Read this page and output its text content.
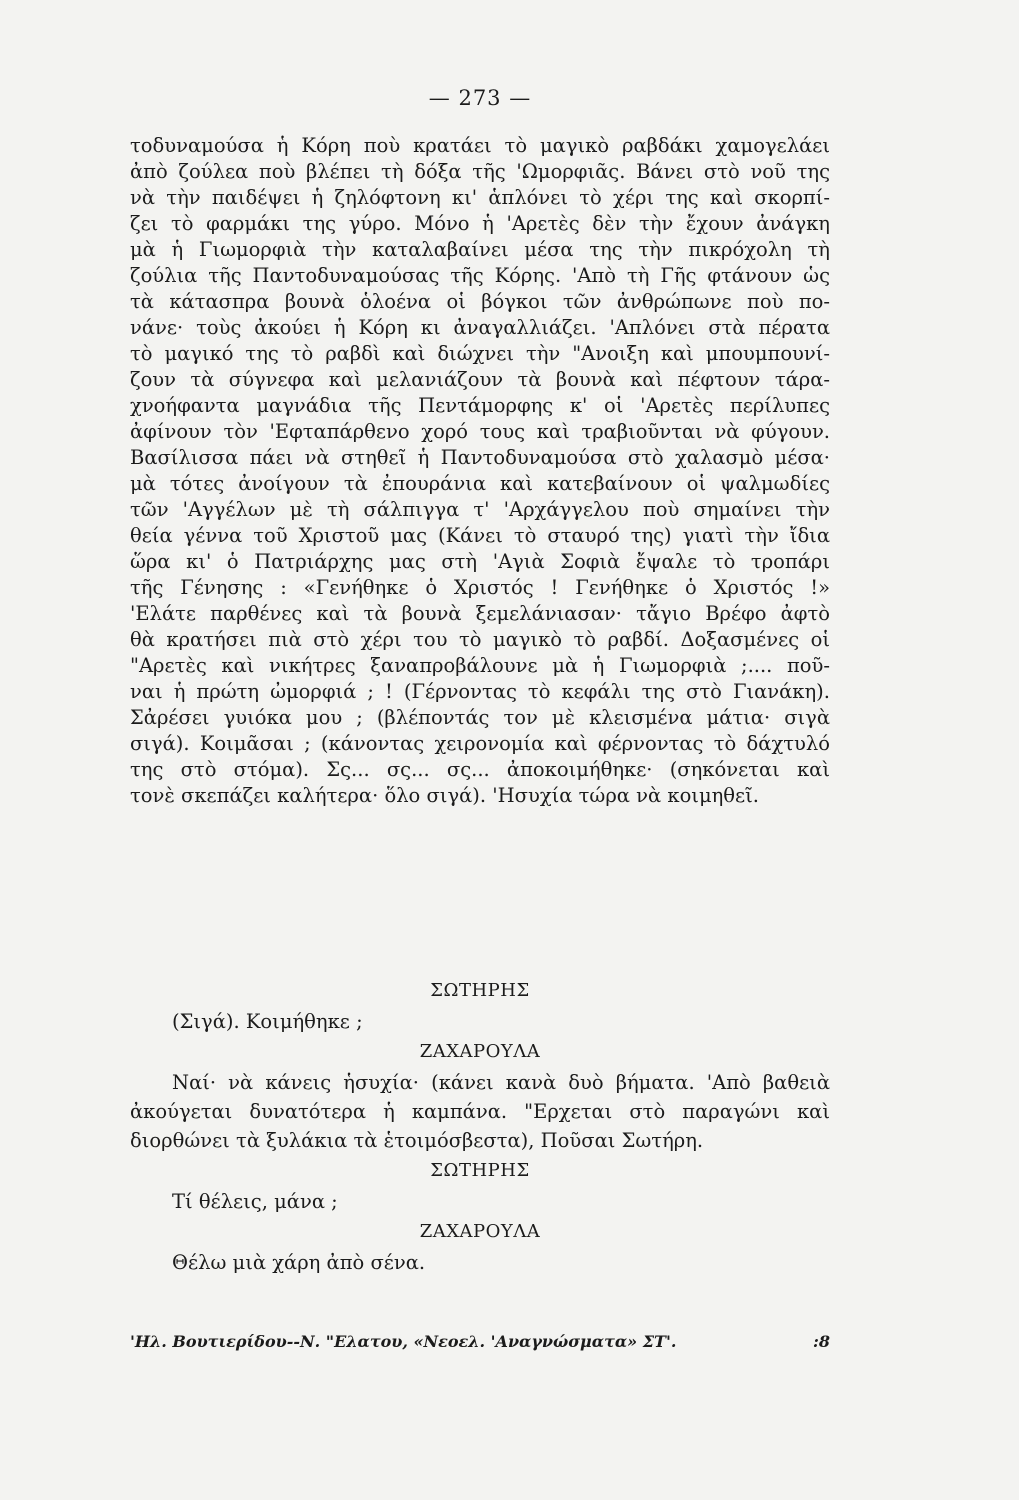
— 273 —
τοδυναμούσα ἡ Κόρη ποὺ κρατάει τὸ μαγικὸ ραβδάκι χαμογελάει
ἀπὸ ζούλεα ποὺ βλέπει τὴ δόξα τῆς 'Ωμορφιᾶς. Βάνει στὸ νοῦ της
νὰ τὴν παιδέψει ἡ ζηλόφτονη κι' ἁπλόνει τὸ χέρι της καὶ σκορπί-
ζει τὸ φαρμάκι της γύρο. Μόνο ἡ 'Αρετὲς δὲν τὴν ἔχουν ἀνάγκη
μὰ ἡ Γιωμορφιὰ τὴν καταλαβαίνει μέσα της τὴν πικρόχολη τὴ
ζούλια τῆς Παντοδυναμούσας τῆς Κόρης. 'Απὸ τὴ Γῆς φτάνουν ὡς
τὰ κάτασπρα βουνὰ ὁλοένα οἱ βόγκοι τῶν ἀνθρώπωνε ποὺ πο-
νάνε· τοὺς ἀκούει ἡ Κόρη κι ἀναγαλλιάζει. 'Απλόνει στὰ πέρατα
τὸ μαγικό της τὸ ραβδὶ καὶ διώχνει τὴν "Ανοιξη καὶ μπουμπουνί-
ζουν τὰ σύγνεφα καὶ μελανιάζουν τὰ βουνὰ καὶ πέφτουν τάρα-
χνοήφαντα μαγνάδια τῆς Πεντάμορφης κ' οἱ 'Αρετὲς περίλυπες
ἀφίνουν τὸν 'Εφταπάρθενο χορό τους καὶ τραβιοῦνται νὰ φύγουν.
Βασίλισσα πάει νὰ στηθεῖ ἡ Παντοδυναμούσα στὸ χαλασμὸ μέσα·
μὰ τότες ἀνοίγουν τὰ ἐπουράνια καὶ κατεβαίνουν οἱ ψαλμωδίες
τῶν 'Αγγέλων μὲ τὴ σάλπιγγα τ' 'Αρχάγγελου ποὺ σημαίνει τὴν
θεία γέννα τοῦ Χριστοῦ μας (Κάνει τὸ σταυρό της) γιατὶ τὴν ἴδια
ὥρα κι' ὁ Πατριάρχης μας στὴ 'Αγιὰ Σοφιὰ ἔψαλε τὸ τροπάρι
τῆς Γένησης : «Γενήθηκε ὁ Χριστός ! Γενήθηκε ὁ Χριστός !»
'Ελάτε παρθένες καὶ τὰ βουνὰ ξεμελάνιασαν· τἄγιο Βρέφο ἀφτὸ
θὰ κρατήσει πιὰ στὸ χέρι του τὸ μαγικὸ τὸ ραβδί. Δοξασμένες οἱ
"Αρετὲς καὶ νικήτρες ξαναπροβάλουνε μὰ ἡ Γιωμορφιὰ ;.... ποῦ-
ναι ἡ πρώτη ὠμορφιά ; ! (Γέρνοντας τὸ κεφάλι της στὸ Γιανάκη).
Σἀρέσει γυιόκα μου ; (βλέποντάς τον μὲ κλεισμένα μάτια· σιγὰ
σιγά). Κοιμᾶσαι ; (κάνοντας χειρονομία καὶ φέρνοντας τὸ δάχτυλό
της στὸ στόμα). Σς... σς... σς... ἀποκοιμήθηκε· (σηκόνεται καὶ
τονὲ σκεπάζει καλήτερα· ὅλο σιγά). 'Ησυχία τώρα νὰ κοιμηθεῖ.
ΣΩΤΗΡΗΣ
(Σιγά). Κοιμήθηκε ;
ΖΑΧΑΡΟΥΛΑ
Ναί· νὰ κάνεις ἡσυχία· (κάνει κανὰ δυὸ βήματα. 'Απὸ βαθειὰ
ἀκούγεται δυνατότερα ἡ καμπάνα. "Ερχεται στὸ παραγώνι καὶ
διορθώνει τὰ ξυλάκια τὰ ἑτοιμόσβεστα), Ποῦσαι Σωτήρη.
ΣΩΤΗΡΗΣ
Τί θέλεις, μάνα ;
ΖΑΧΑΡΟΥΛΑ
Θέλω μιὰ χάρη ἀπὸ σένα.
'Ηλ. Βουτιερίδου--Ν. "Ελατου, «Νεοελ. 'Αναγνώσματα» ΣΤ'.	:8
